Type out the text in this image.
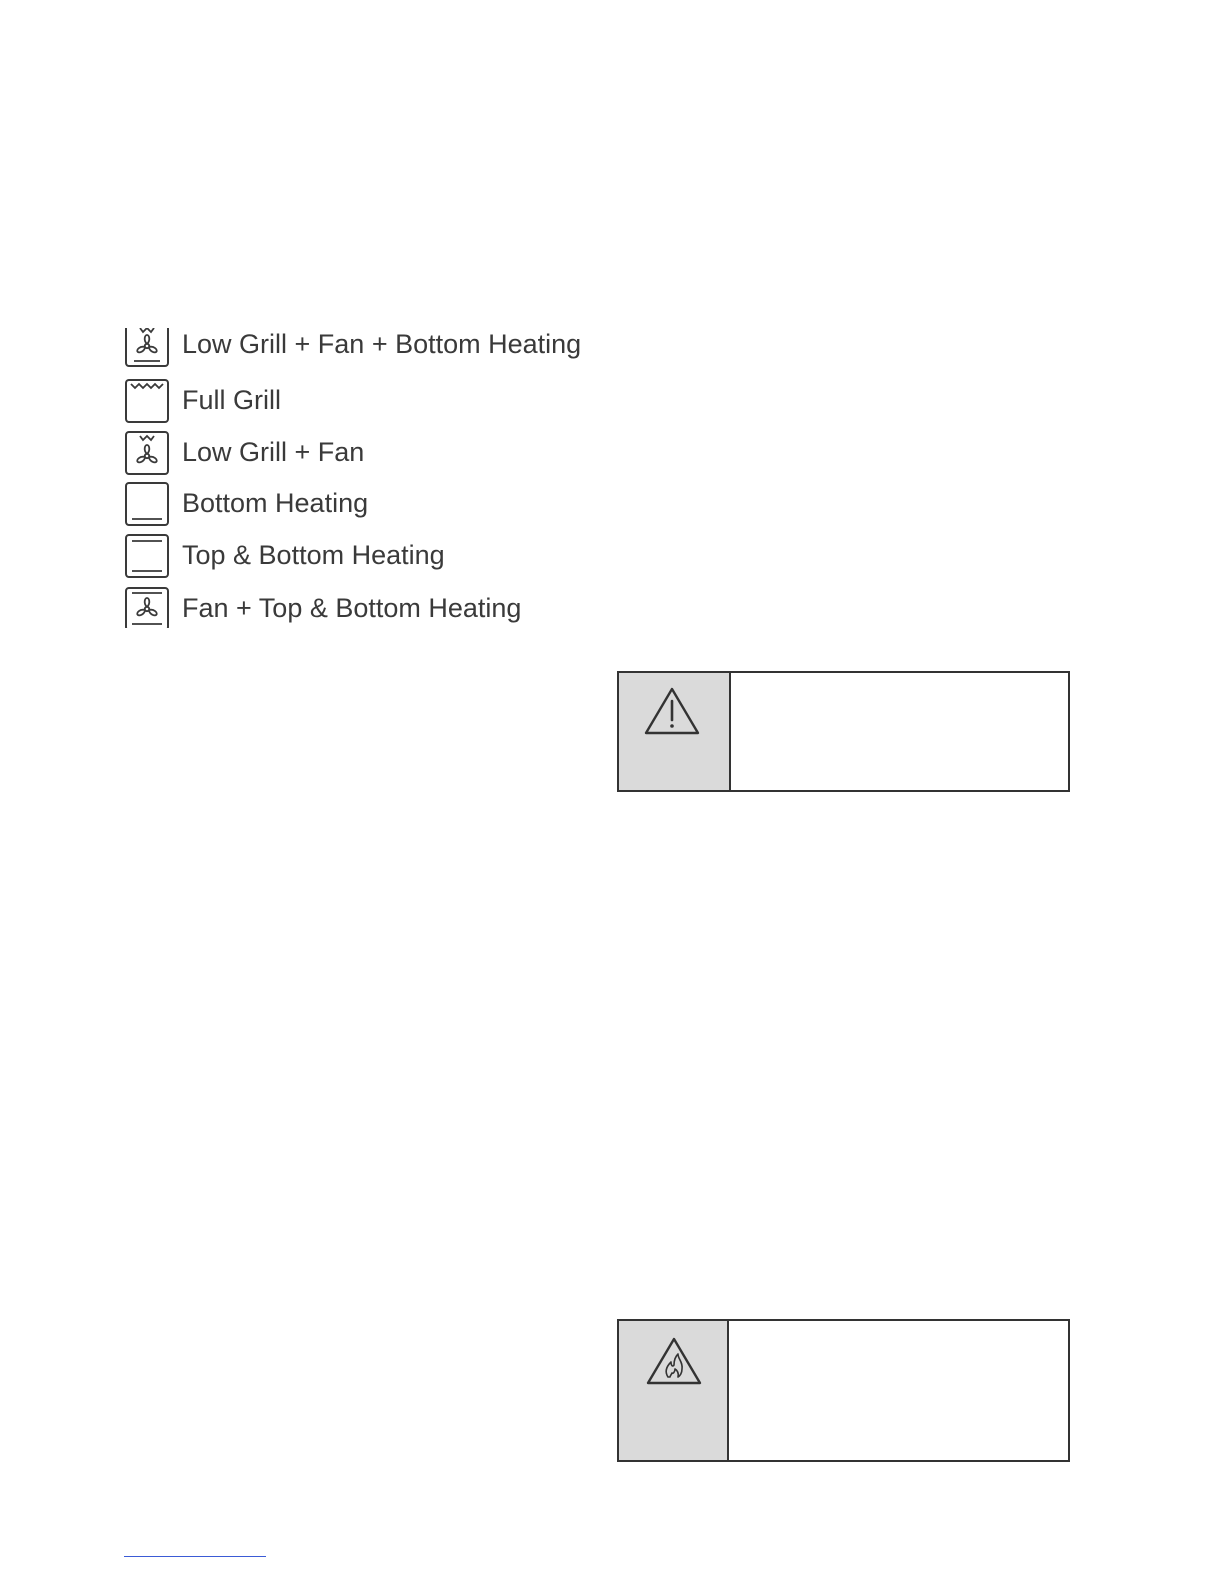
Low Grill + Fan + Bottom Heating
Full Grill
Low Grill + Fan
Bottom Heating
Top & Bottom Heating
Fan + Top & Bottom Heating
